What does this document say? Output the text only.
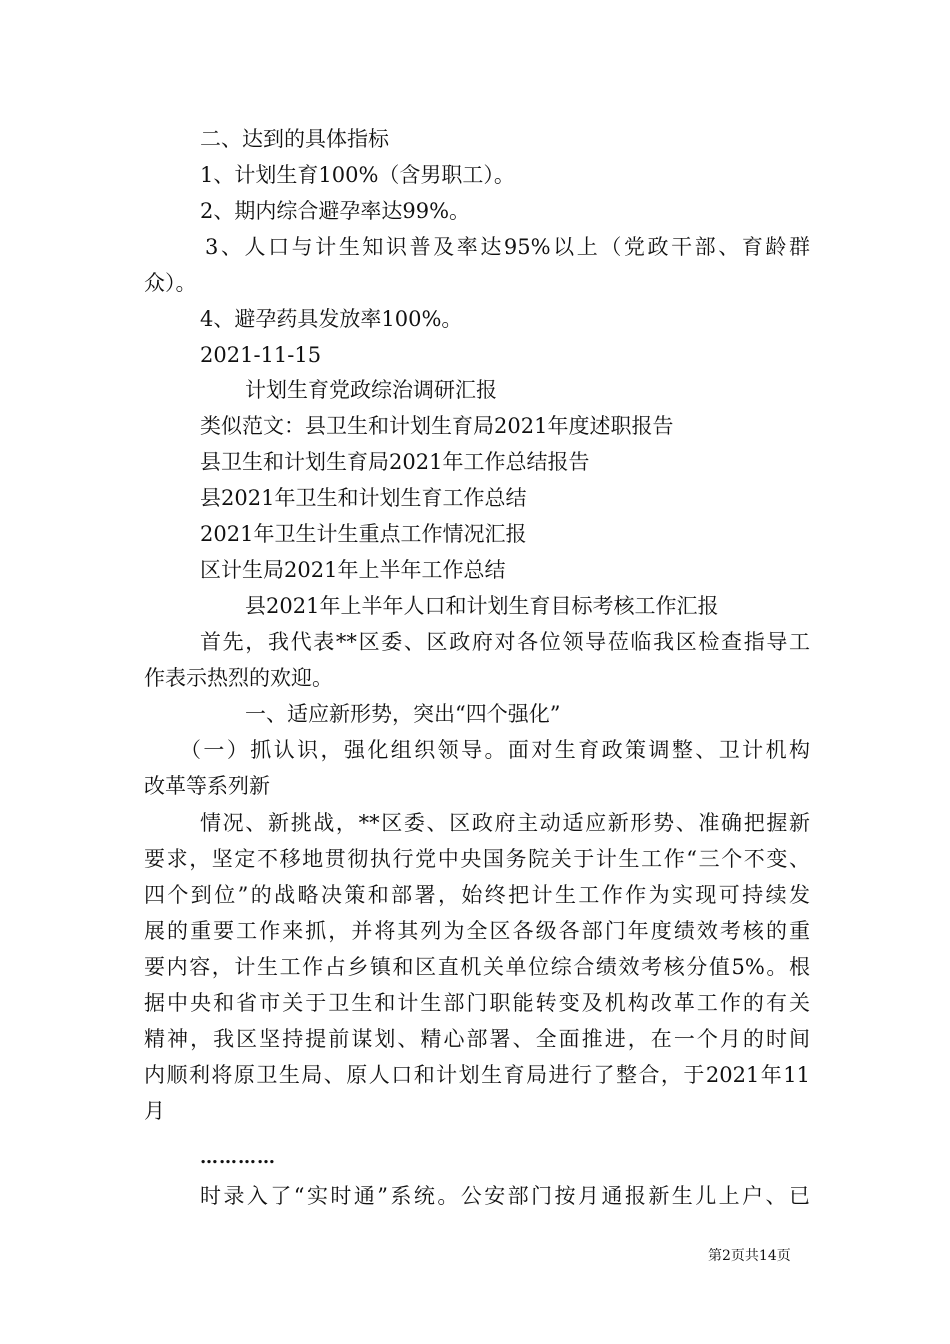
二、达到的具体指标
1、计划生育100%（含男职工）。
2、期内综合避孕率达99%。
3、人口与计生知识普及率达95%以上（党政干部、育龄群
众）。
4、避孕药具发放率100%。
2021-11-15
计划生育党政综治调研汇报
类似范文：县卫生和计划生育局2021年度述职报告
县卫生和计划生育局2021年工作总结报告
县2021年卫生和计划生育工作总结
2021年卫生计生重点工作情况汇报
区计生局2021年上半年工作总结
县2021年上半年人口和计划生育目标考核工作汇报
首先，我代表**区委、区政府对各位领导莅临我区检查指导工
作表示热烈的欢迎。
一、适应新形势，突出“四个强化”
（一）抓认识，强化组织领导。面对生育政策调整、卫计机构
改革等系列新
情况、新挑战，**区委、区政府主动适应新形势、准确把握新
要求，坚定不移地贯彻执行党中央国务院关于计生工作“三个不变、
四个到位”的战略决策和部署，始终把计生工作作为实现可持续发
展的重要工作来抓，并将其列为全区各级各部门年度绩效考核的重
要内容，计生工作占乡镇和区直机关单位综合绩效考核分值5%。根
据中央和省市关于卫生和计生部门职能转变及机构改革工作的有关
精神，我区坚持提前谋划、精心部署、全面推进，在一个月的时间
内顺利将原卫生局、原人口和计划生育局进行了整合，于2021年11
月
…………
时录入了“实时通”系统。公安部门按月通报新生儿上户、已
第2页共14页
